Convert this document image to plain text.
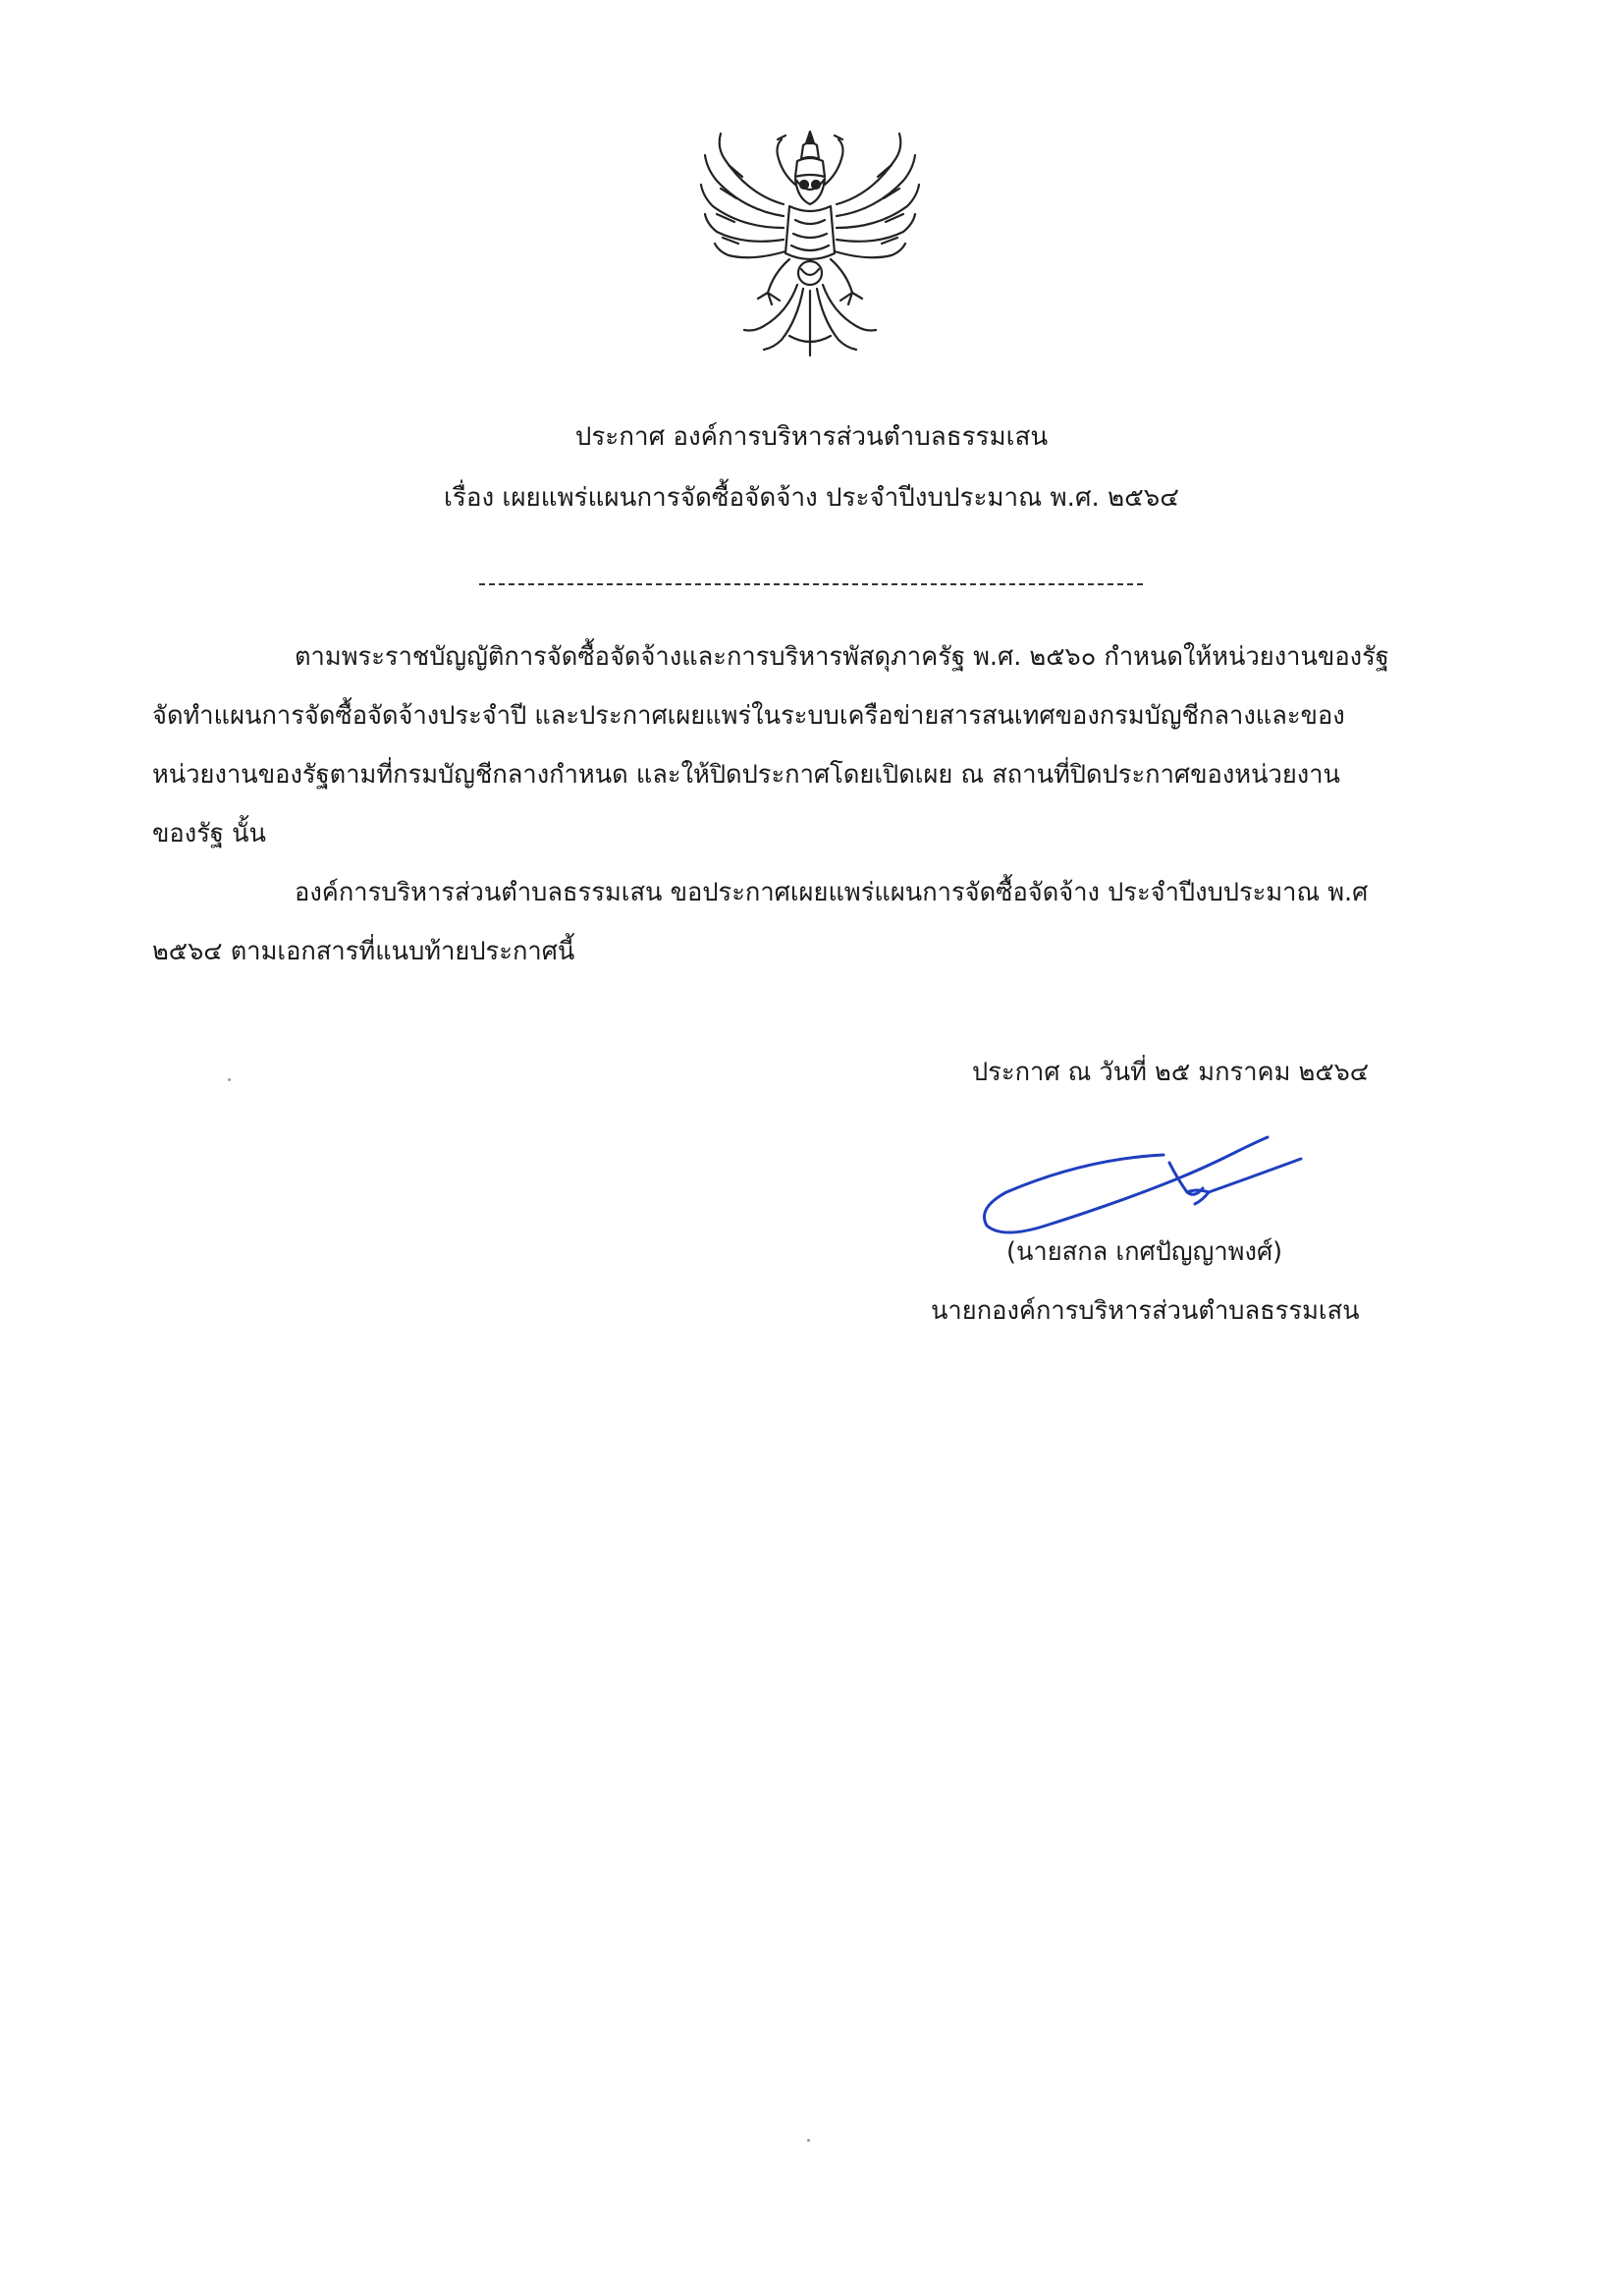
ประกาศ องค์การบริหารส่วนตำบลธรรมเสน
เรื่อง เผยแพร่แผนการจัดซื้อจัดจ้าง ประจำปีงบประมาณ พ.ศ. ๒๕๖๔
ตามพระราชบัญญัติการจัดซื้อจัดจ้างและการบริหารพัสดุภาครัฐ พ.ศ. ๒๕๖๐ กำหนดให้หน่วยงานของรัฐ
จัดทำแผนการจัดซื้อจัดจ้างประจำปี และประกาศเผยแพร่ในระบบเครือข่ายสารสนเทศของกรมบัญชีกลางและของ
หน่วยงานของรัฐตามที่กรมบัญชีกลางกำหนด และให้ปิดประกาศโดยเปิดเผย ณ สถานที่ปิดประกาศของหน่วยงาน
ของรัฐ นั้น
องค์การบริหารส่วนตำบลธรรมเสน ขอประกาศเผยแพร่แผนการจัดซื้อจัดจ้าง ประจำปีงบประมาณ พ.ศ
๒๕๖๔ ตามเอกสารที่แนบท้ายประกาศนี้
ประกาศ ณ วันที่ ๒๕ มกราคม ๒๕๖๔
(นายสกล เกศปัญญาพงศ์)
นายกองค์การบริหารส่วนตำบลธรรมเสน
